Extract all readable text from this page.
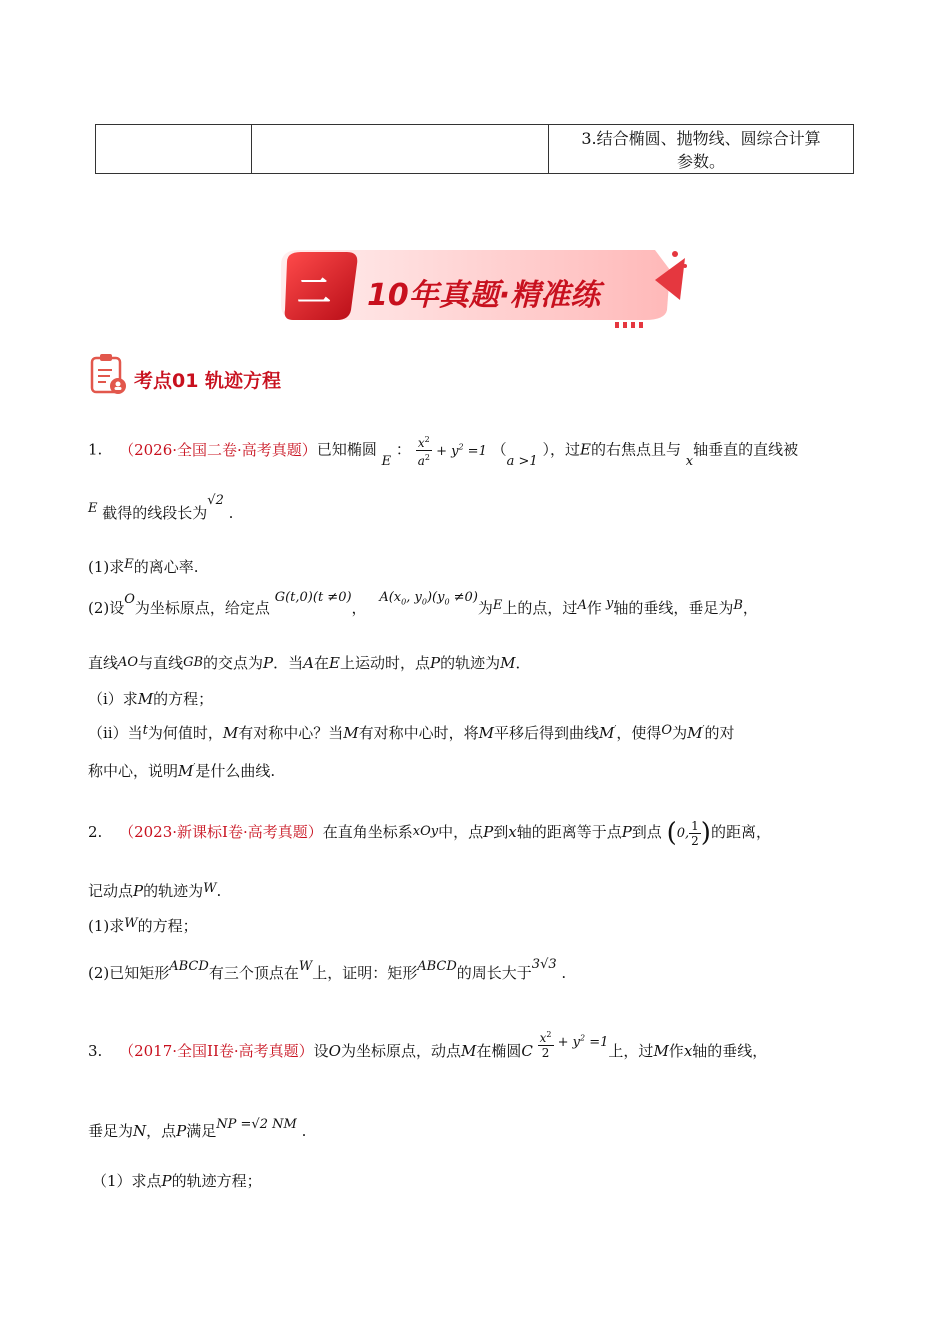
3.结合椭圆、抛物线、圆综合计算
参数。
二 10年真题·精准练
考点01 轨迹方程
1. （2026·全国二卷·高考真题）已知椭圆 E ： $\frac{x^2}{a^2} + y^2 =1$ （a >1 ），过E的右焦点且与 x轴垂直的直线被
E 截得的线段长为√2 .
(1)求E的离心率.
(2)设O为坐标原点，给定点 G(t,0)(t ≠0)， $A(x_0$, $y_0)(y_0 \ne 0)$为E上的点，过A作 y轴的垂线，垂足为B，
直线AO与直线GB的交点为P．当A在E上运动时，点P的轨迹为M．
（ⅰ）求M的方程；
（ⅱ）当t为何值时，M有对称中心？当M有对称中心时，将M平移后得到曲线M′，使得O为M′的对
称中心，说明M′是什么曲线.
2. （2023·新课标Ⅰ卷·高考真题）在直角坐标系xOy中，点P到x轴的距离等于点P到点 (0, $\frac{1}{2}$ )的距离，
记动点P的轨迹为W.
(1)求W的方程；
(2)已知矩形ABCD有三个顶点在W上，证明：矩形ABCD的周长大于3√3 .
3. （2017·全国II卷·高考真题）设O为坐标原点，动点M在椭圆C $\frac{x^2}{2} + y^2 =1$上，过M作x轴的垂线，
垂足为N，点P满足NP =√2 NM .
（1）求点P的轨迹方程；
